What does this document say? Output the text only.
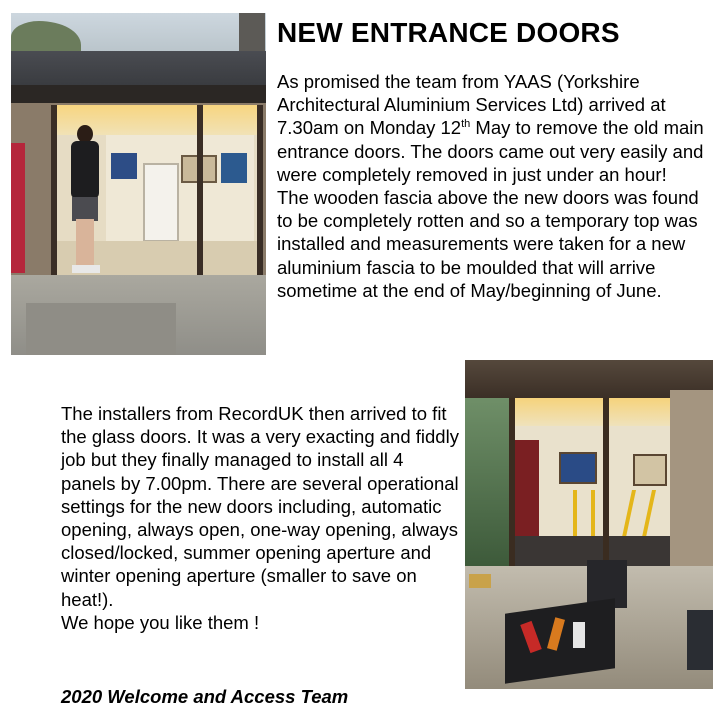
NEW ENTRANCE DOORS

As promised the team from YAAS (Yorkshire Architectural Aluminium Services Ltd) arrived at 7.30am on Monday 12th May to remove the old main entrance doors. The doors came out very easily and were completely removed in just under an hour!

The wooden fascia above the new doors was found to be completely rotten and so a temporary top was installed and measurements were taken for a new aluminium fascia to be moulded that will arrive sometime at the end of May/beginning of June.

The installers from RecordUK then arrived to fit the glass doors. It was a very exacting and fiddly job but they finally managed to install all 4 panels by 7.00pm. There are several operational settings for the new doors including, automatic opening, always open, one-way opening, always closed/locked, summer opening aperture and winter opening aperture (smaller to save on heat!).

We hope you like them !

2020 Welcome and Access Team
